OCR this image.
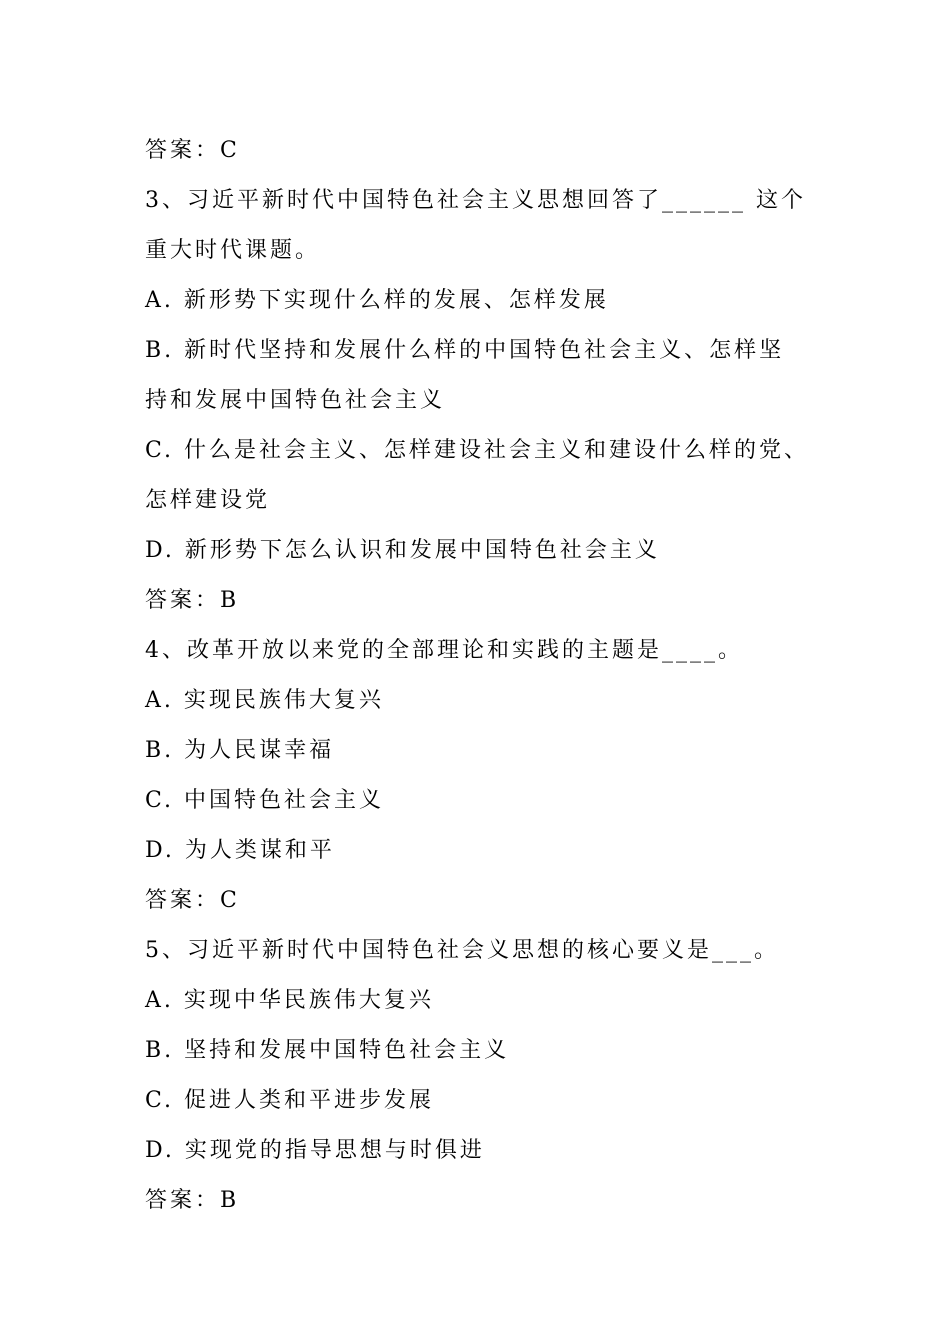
答案：C
3、习近平新时代中国特色社会主义思想回答了______ 这个
重大时代课题。
A. 新形势下实现什么样的发展、怎样发展
B. 新时代坚持和发展什么样的中国特色社会主义、怎样坚
持和发展中国特色社会主义
C. 什么是社会主义、怎样建设社会主义和建设什么样的党、
怎样建设党
D. 新形势下怎么认识和发展中国特色社会主义
答案：B
4、改革开放以来党的全部理论和实践的主题是____。
A. 实现民族伟大复兴
B. 为人民谋幸福
C. 中国特色社会主义
D. 为人类谋和平
答案：C
5、习近平新时代中国特色社会义思想的核心要义是___。
A. 实现中华民族伟大复兴
B. 坚持和发展中国特色社会主义
C. 促进人类和平进步发展
D. 实现党的指导思想与时俱进
答案：B
